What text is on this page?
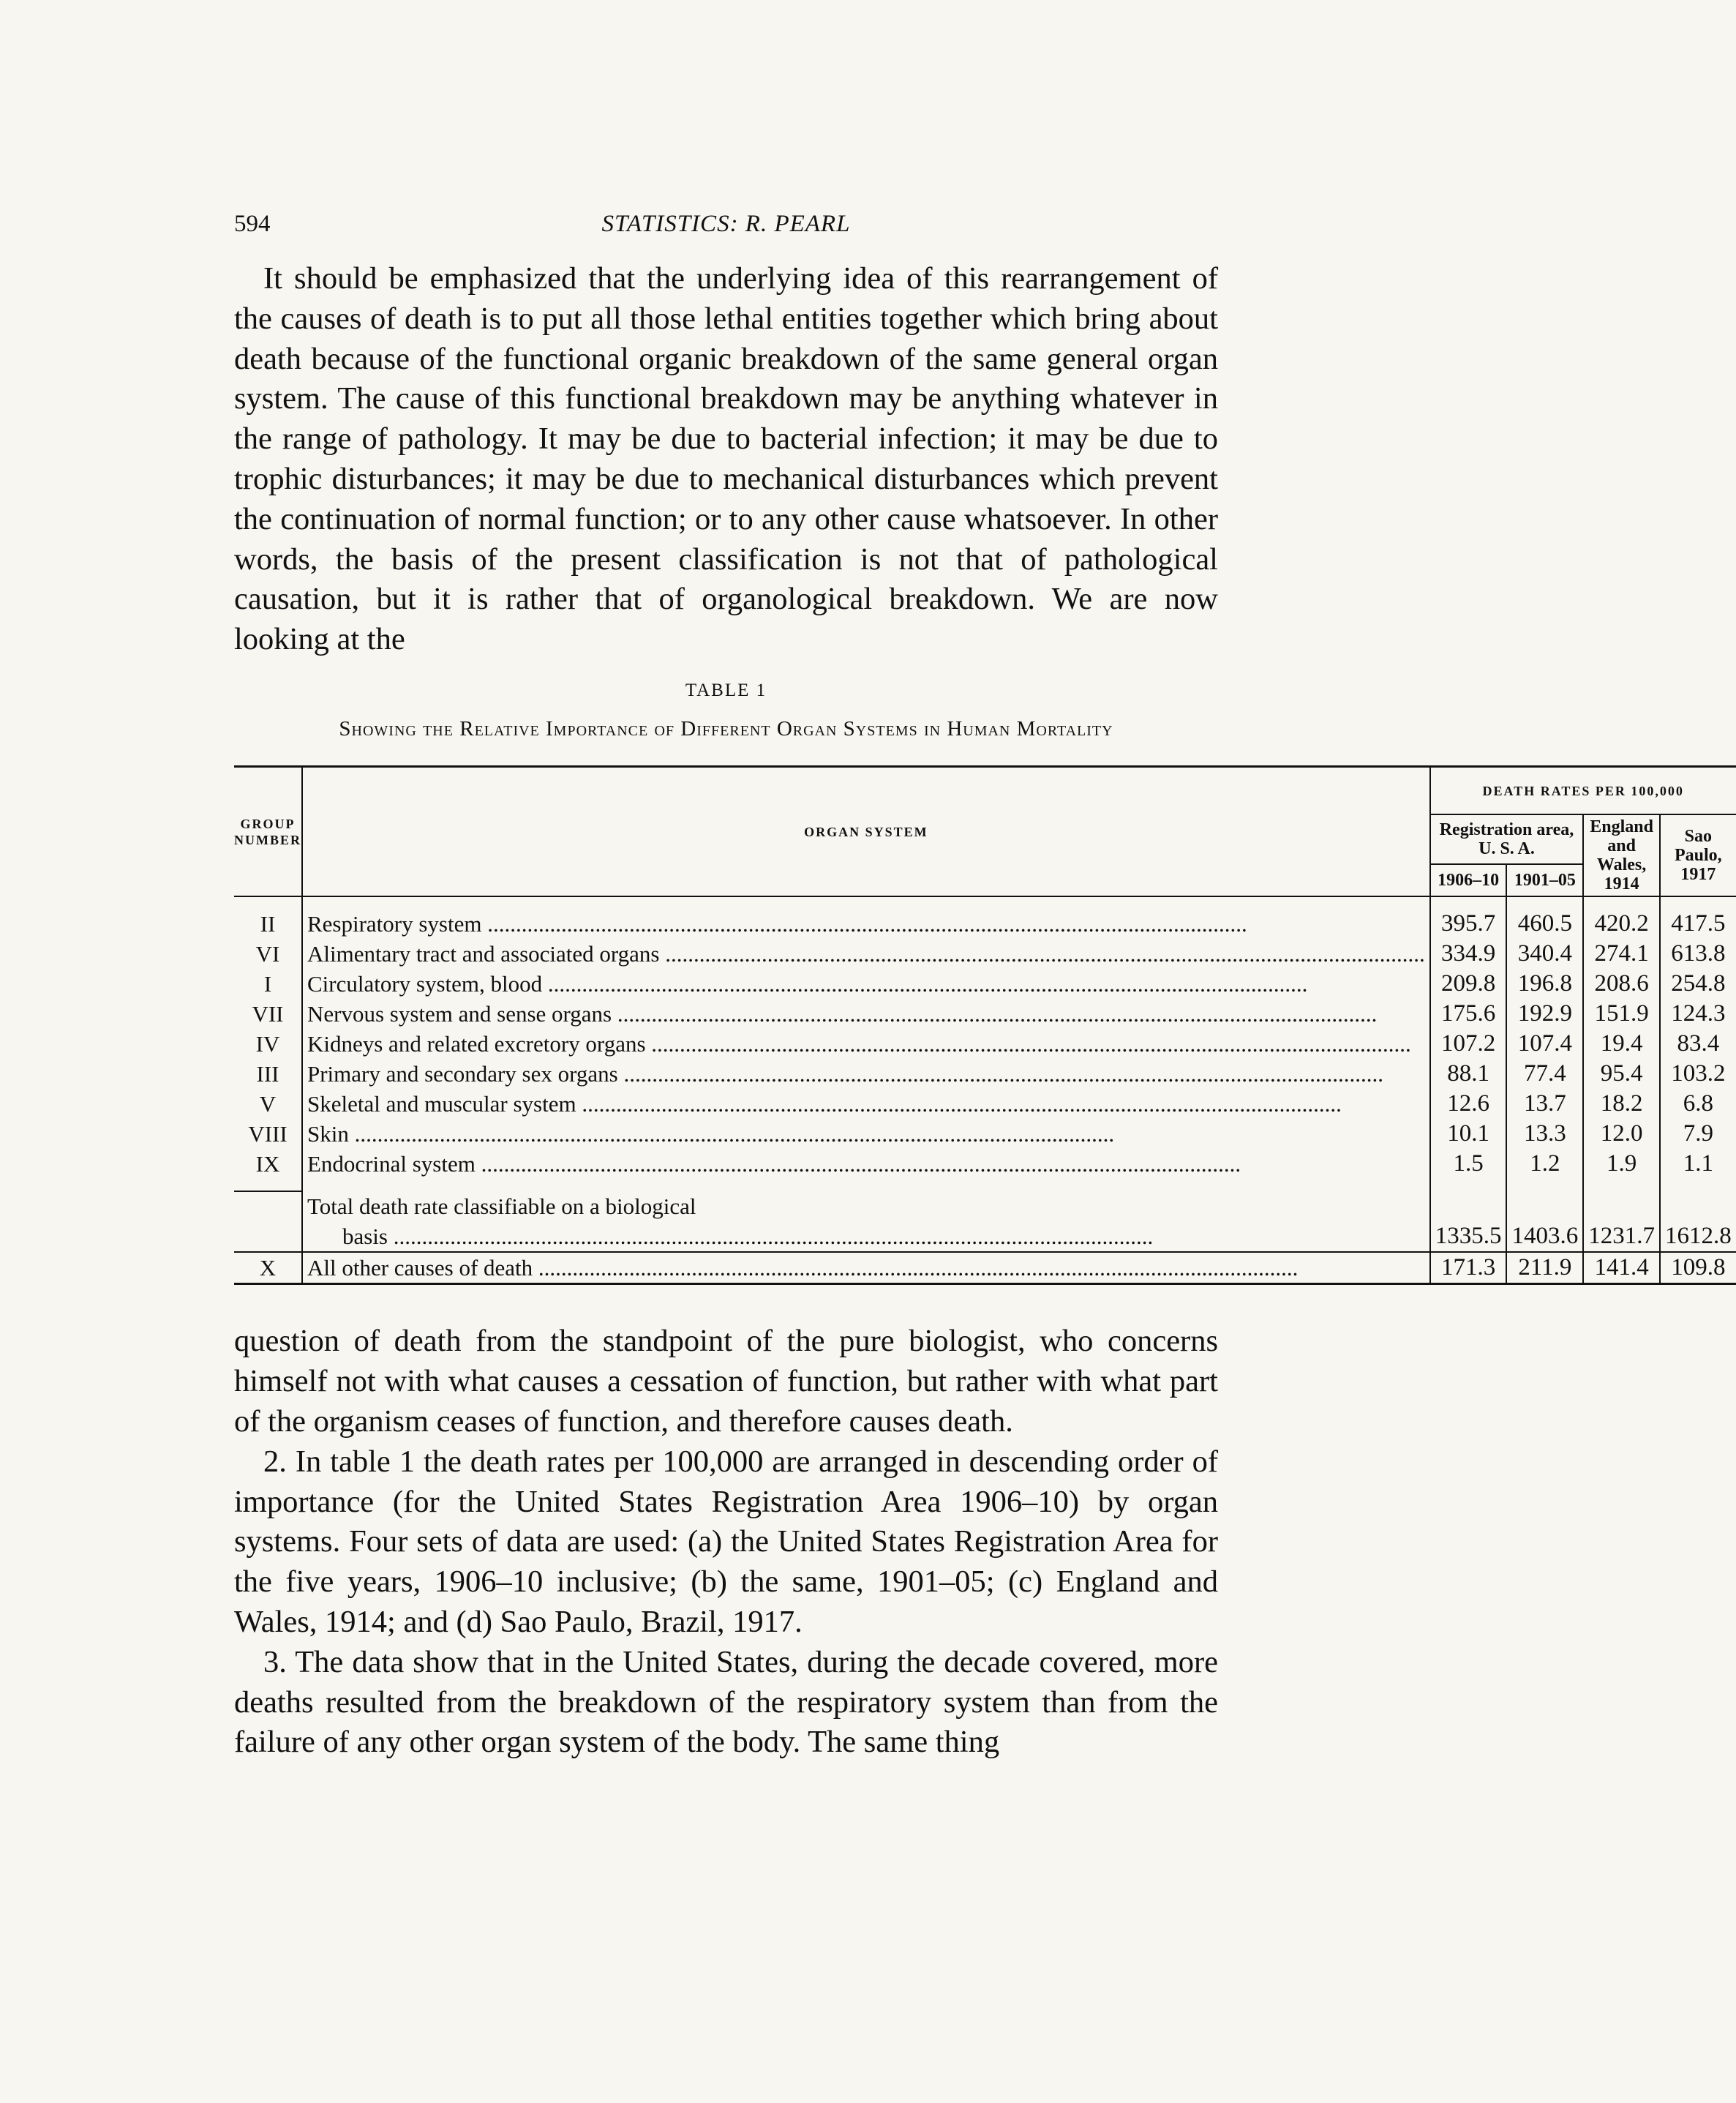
594	STATISTICS: R. PEARL

It should be emphasized that the underlying idea of this rearrangement of the causes of death is to put all those lethal entities together which bring about death because of the functional organic breakdown of the same general organ system. The cause of this functional breakdown may be anything whatever in the range of pathology. It may be due to bacterial infection; it may be due to trophic disturbances; it may be due to mechanical disturbances which prevent the continuation of normal function; or to any other cause whatsoever. In other words, the basis of the present classification is not that of pathological causation, but it is rather that of organological breakdown. We are now looking at the

TABLE 1
Showing the Relative Importance of Different Organ Systems in Human Mortality
GROUP NUMBER	ORGAN SYSTEM	DEATH RATES PER 100,000			
		Registration area, U. S. A.		England and Wales, 1914	Sao Paulo, 1917
		1906–10	1901–05		

II	Respiratory system .....	395.7	460.5	420.2	417.5
VI	Alimentary tract and associated organs .....	334.9	340.4	274.1	613.8
I	Circulatory system, blood .....	209.8	196.8	208.6	254.8
VII	Nervous system and sense organs .....	175.6	192.9	151.9	124.3
IV	Kidneys and related excretory organs .....	107.2	107.4	19.4	83.4
III	Primary and secondary sex organs .....	88.1	77.4	95.4	103.2
V	Skeletal and muscular system .....	12.6	13.7	18.2	6.8
VIII	Skin .....	10.1	13.3	12.0	7.9
IX	Endocrinal system .....	1.5	1.2	1.9	1.1

	Total death rate classifiable on a biological
basis .....	1335.5	1403.6	1231.7	1612.8
X	All other causes of death .....	171.3	211.9	141.4	109.8

question of death from the standpoint of the pure biologist, who concerns himself not with what causes a cessation of function, but rather with what part of the organism ceases of function, and therefore causes death.

2. In table 1 the death rates per 100,000 are arranged in descending order of importance (for the United States Registration Area 1906–10) by organ systems. Four sets of data are used: (a) the United States Registration Area for the five years, 1906–10 inclusive; (b) the same, 1901–05; (c) England and Wales, 1914; and (d) Sao Paulo, Brazil, 1917.

3. The data show that in the United States, during the decade covered, more deaths resulted from the breakdown of the respiratory system than from the failure of any other organ system of the body. The same thing
